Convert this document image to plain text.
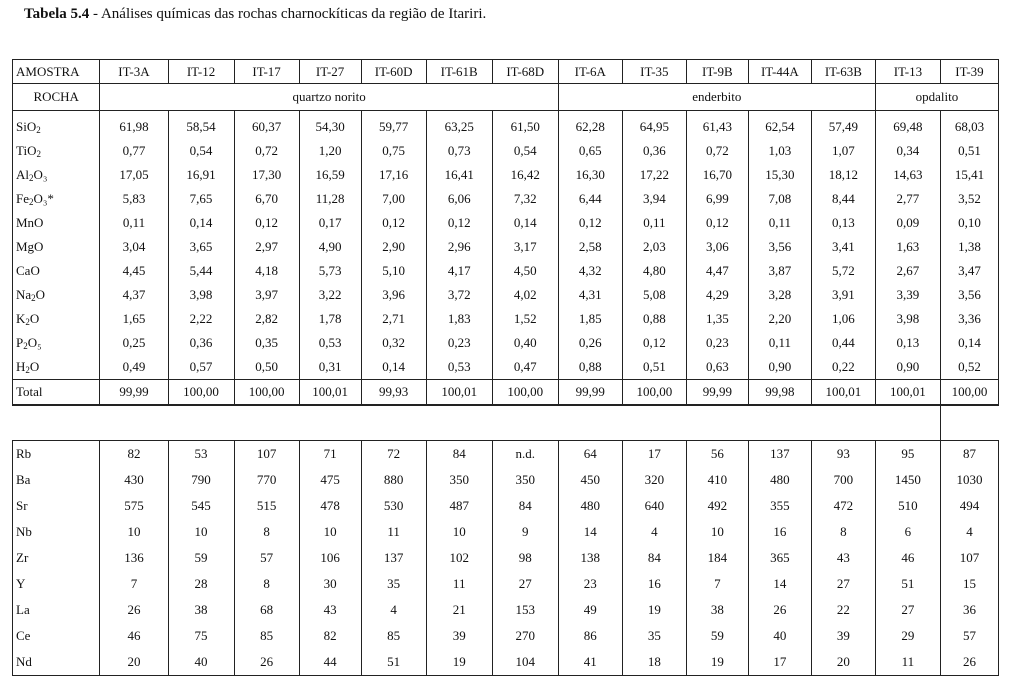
Tabela 5.4 - Análises químicas das rochas charnockíticas da região de Itariri.
AMOSTRA	IT-3A	IT-12	IT-17	IT-27	IT-60D	IT-61B	IT-68D	IT-6A	IT-35	IT-9B	IT-44A	IT-63B	IT-13	IT-39
ROCHA	quartzo norito							enderbito					opdalito	
SiO$_2$	61,98	58,54	60,37	54,30	59,77	63,25	61,50	62,28	64,95	61,43	62,54	57,49	69,48	68,03
TiO$_2$	0,77	0,54	0,72	1,20	0,75	0,73	0,54	0,65	0,36	0,72	1,03	1,07	0,34	0,51
$Al_2O_3$	17,05	16,91	17,30	16,59	17,16	16,41	16,42	16,30	17,22	16,70	15,30	18,12	14,63	15,41
$Fe_2O_3*$	5,83	7,65	6,70	11,28	7,00	6,06	7,32	6,44	3,94	6,99	7,08	8,44	2,77	3,52
MnO	0,11	0,14	0,12	0,17	0,12	0,12	0,14	0,12	0,11	0,12	0,11	0,13	0,09	0,10
MgO	3,04	3,65	2,97	4,90	2,90	2,96	3,17	2,58	2,03	3,06	3,56	3,41	1,63	1,38
CaO	4,45	5,44	4,18	5,73	5,10	4,17	4,50	4,32	4,80	4,47	3,87	5,72	2,67	3,47
$Na_2O$	4,37	3,98	3,97	3,22	3,96	3,72	4,02	4,31	5,08	4,29	3,28	3,91	3,39	3,56
$K_2O$	1,65	2,22	2,82	1,78	2,71	1,83	1,52	1,85	0,88	1,35	2,20	1,06	3,98	3,36
$P_2O_5$	0,25	0,36	0,35	0,53	0,32	0,23	0,40	0,26	0,12	0,23	0,11	0,44	0,13	0,14
$H_2O$	0,49	0,57	0,50	0,31	0,14	0,53	0,47	0,88	0,51	0,63	0,90	0,22	0,90	0,52
Total	99,99	100,00	100,00	100,01	99,93	100,01	100,00	99,99	100,00	99,99	99,98	100,01	100,01	100,00

Rb	82	53	107	71	72	84	n.d.	64	17	56	137	93	95	87
Ba	430	790	770	475	880	350	350	450	320	410	480	700	1450	1030
Sr	575	545	515	478	530	487	84	480	640	492	355	472	510	494
Nb	10	10	8	10	11	10	9	14	4	10	16	8	6	4
Zr	136	59	57	106	137	102	98	138	84	184	365	43	46	107
Y	7	28	8	30	35	11	27	23	16	7	14	27	51	15
La	26	38	68	43	4	21	153	49	19	38	26	22	27	36
Ce	46	75	85	82	85	39	270	86	35	59	40	39	29	57
Nd	20	40	26	44	51	19	104	41	18	19	17	20	11	26
